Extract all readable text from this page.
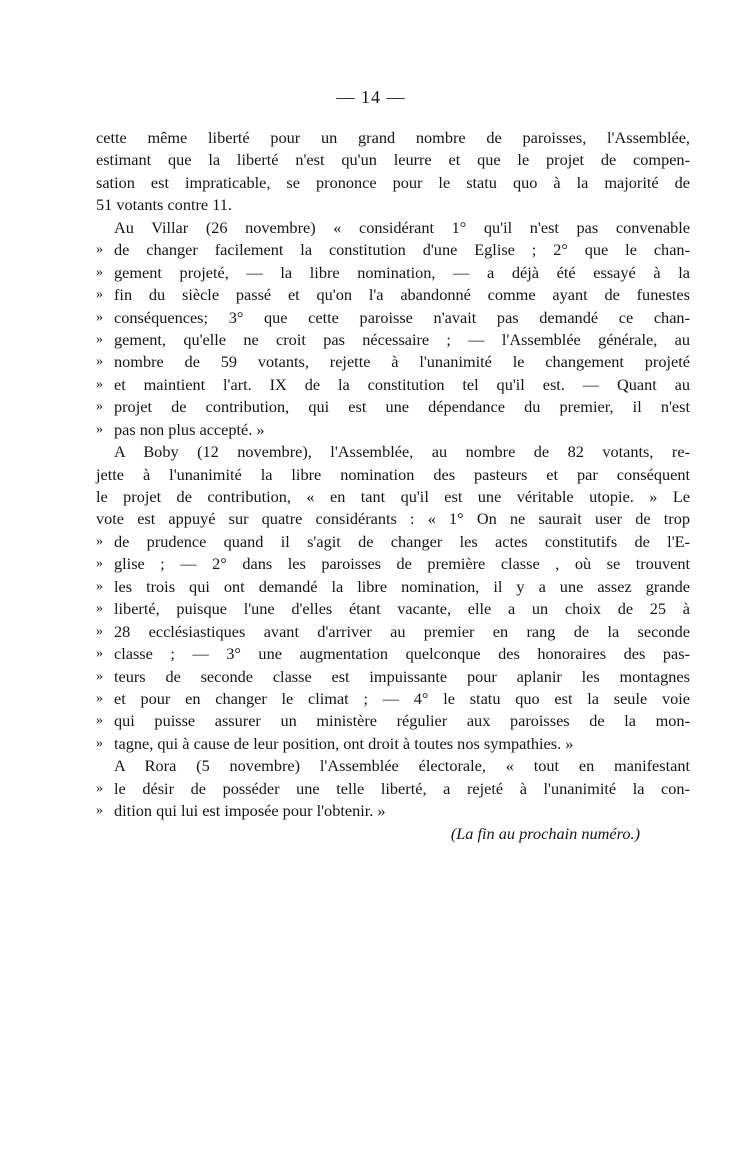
— 14 —
cette même liberté pour un grand nombre de paroisses, l'Assemblée,
estimant que la liberté n'est qu'un leurre et que le projet de compen-
sation est impraticable, se prononce pour le statu quo à la majorité de
51 votants contre 11.
Au Villar (26 novembre) « considérant 1° qu'il n'est pas convenable
» de changer facilement la constitution d'une Eglise ; 2° que le chan-
» gement projeté, — la libre nomination, — a déjà été essayé à la
» fin du siècle passé et qu'on l'a abandonné comme ayant de funestes
» conséquences; 3° que cette paroisse n'avait pas demandé ce chan-
» gement, qu'elle ne croit pas nécessaire ; — l'Assemblée générale, au
» nombre de 59 votants, rejette à l'unanimité le changement projeté
» et maintient l'art. IX de la constitution tel qu'il est. — Quant au
» projet de contribution, qui est une dépendance du premier, il n'est
» pas non plus accepté. »
A Boby (12 novembre), l'Assemblée, au nombre de 82 votants, re-
jette à l'unanimité la libre nomination des pasteurs et par conséquent
le projet de contribution, « en tant qu'il est une véritable utopie. » Le
vote est appuyé sur quatre considérants : « 1° On ne saurait user de trop
» de prudence quand il s'agit de changer les actes constitutifs de l'E-
» glise ; — 2° dans les paroisses de première classe , où se trouvent
» les trois qui ont demandé la libre nomination, il y a une assez grande
» liberté, puisque l'une d'elles étant vacante, elle a un choix de 25 à
» 28 ecclésiastiques avant d'arriver au premier en rang de la seconde
» classe ; — 3° une augmentation quelconque des honoraires des pas-
» teurs de seconde classe est impuissante pour aplanir les montagnes
» et pour en changer le climat ; — 4° le statu quo est la seule voie
» qui puisse assurer un ministère régulier aux paroisses de la mon-
» tagne, qui à cause de leur position, ont droit à toutes nos sympathies. »
A Rora (5 novembre) l'Assemblée électorale, « tout en manifestant
» le désir de posséder une telle liberté, a rejeté à l'unanimité la con-
» dition qui lui est imposée pour l'obtenir. »
(La fin au prochain numéro.)
